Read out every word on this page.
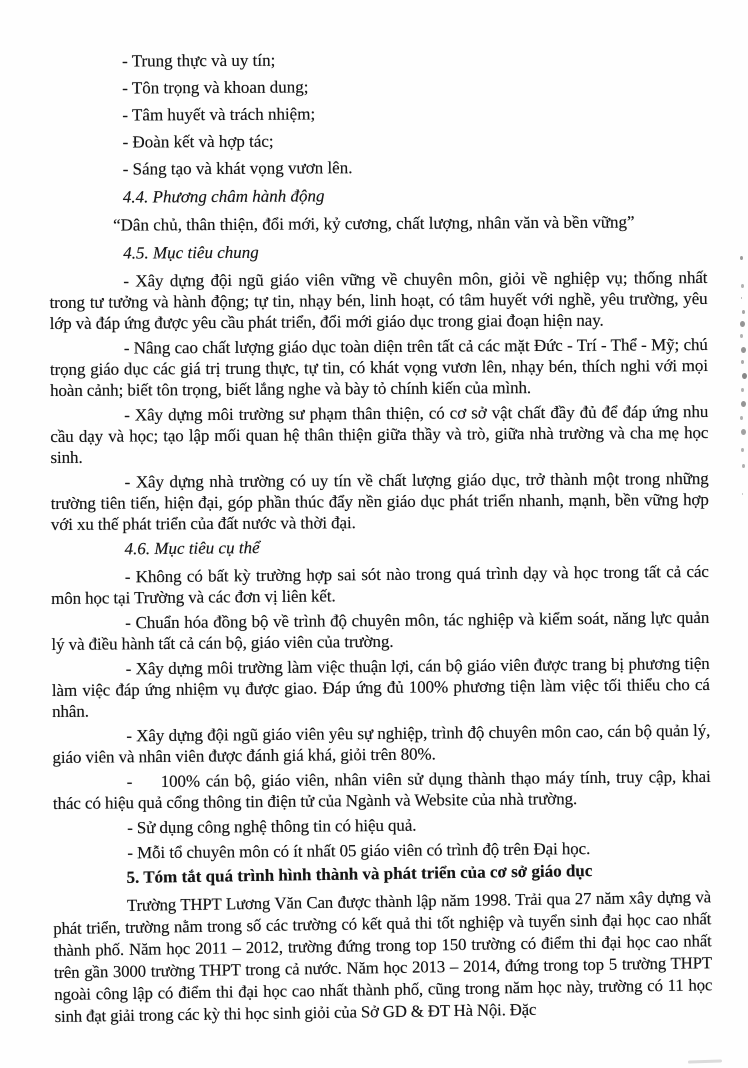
- Trung thực và uy tín;
- Tôn trọng và khoan dung;
- Tâm huyết và trách nhiệm;
- Đoàn kết và hợp tác;
- Sáng tạo và khát vọng vươn lên.
4.4. Phương châm hành động
“Dân chủ, thân thiện, đổi mới, kỷ cương, chất lượng, nhân văn và bền vững”
4.5. Mục tiêu chung
- Xây dựng đội ngũ giáo viên vững về chuyên môn, giỏi về nghiệp vụ; thống nhất trong tư tưởng và hành động; tự tin, nhạy bén, linh hoạt, có tâm huyết với nghề, yêu trường, yêu lớp và đáp ứng được yêu cầu phát triển, đổi mới giáo dục trong giai đoạn hiện nay.
- Nâng cao chất lượng giáo dục toàn diện trên tất cả các mặt Đức - Trí - Thể - Mỹ; chú trọng giáo dục các giá trị trung thực, tự tin, có khát vọng vươn lên, nhạy bén, thích nghi với mọi hoàn cảnh; biết tôn trọng, biết lắng nghe và bày tỏ chính kiến của mình.
- Xây dựng môi trường sư phạm thân thiện, có cơ sở vật chất đầy đủ để đáp ứng nhu cầu dạy và học; tạo lập mối quan hệ thân thiện giữa thầy và trò, giữa nhà trường và cha mẹ học sinh.
- Xây dựng nhà trường có uy tín về chất lượng giáo dục, trở thành một trong những trường tiên tiến, hiện đại, góp phần thúc đẩy nền giáo dục phát triển nhanh, mạnh, bền vững hợp với xu thế phát triển của đất nước và thời đại.
4.6. Mục tiêu cụ thể
- Không có bất kỳ trường hợp sai sót nào trong quá trình dạy và học trong tất cả các môn học tại Trường và các đơn vị liên kết.
- Chuẩn hóa đồng bộ về trình độ chuyên môn, tác nghiệp và kiểm soát, năng lực quản lý và điều hành tất cả cán bộ, giáo viên của trường.
- Xây dựng môi trường làm việc thuận lợi, cán bộ giáo viên được trang bị phương tiện làm việc đáp ứng nhiệm vụ được giao. Đáp ứng đủ 100% phương tiện làm việc tối thiểu cho cá nhân.
- Xây dựng đội ngũ giáo viên yêu sự nghiệp, trình độ chuyên môn cao, cán bộ quản lý, giáo viên và nhân viên được đánh giá khá, giỏi trên 80%.
-     100% cán bộ, giáo viên, nhân viên sử dụng thành thạo máy tính, truy cập, khai thác có hiệu quả cổng thông tin điện tử của Ngành và Website của nhà trường.
- Sử dụng công nghệ thông tin có hiệu quả.
- Mỗi tổ chuyên môn có ít nhất 05 giáo viên có trình độ trên Đại học.
5. Tóm tắt quá trình hình thành và phát triển của cơ sở giáo dục
Trường THPT Lương Văn Can được thành lập năm 1998. Trải qua 27 năm xây dựng và phát triển, trường nằm trong số các trường có kết quả thi tốt nghiệp và tuyển sinh đại học cao nhất thành phố. Năm học 2011 – 2012, trường đứng trong top 150 trường có điểm thi đại học cao nhất trên gần 3000 trường THPT trong cả nước. Năm học 2013 – 2014, đứng trong top 5 trường THPT ngoài công lập có điểm thi đại học cao nhất thành phố, cũng trong năm học này, trường có 11 học sinh đạt giải trong các kỳ thi học sinh giỏi của Sở GD & ĐT Hà Nội. Đặc
